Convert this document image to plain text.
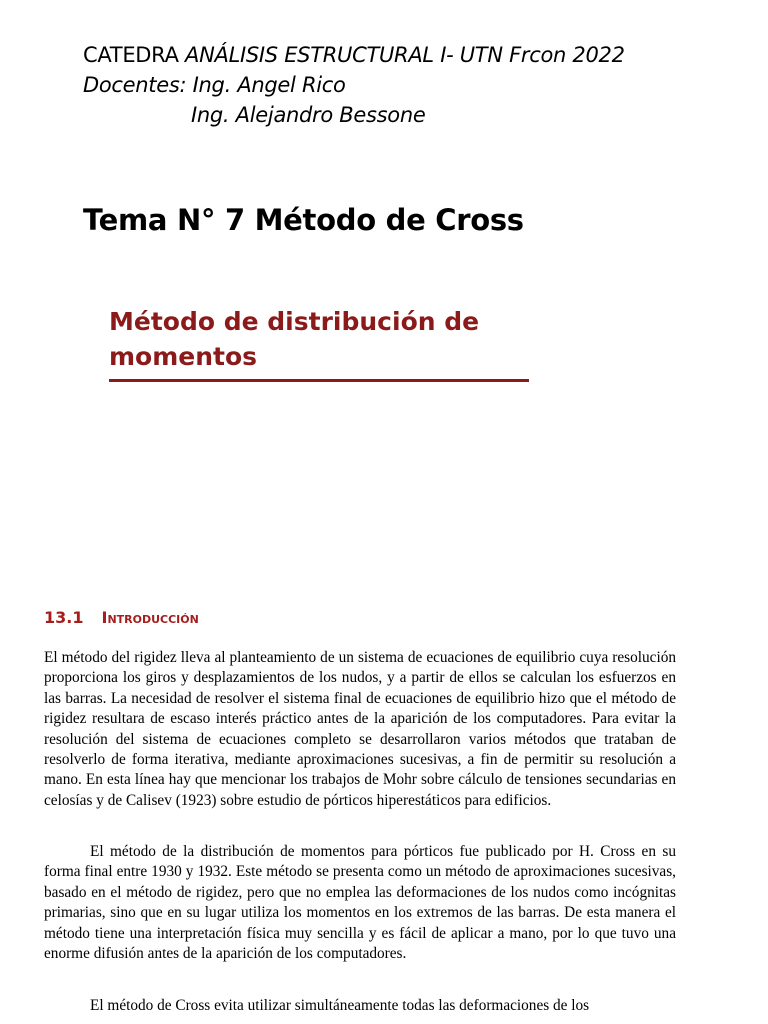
CATEDRA ANÁLISIS ESTRUCTURAL I- UTN Frcon 2022
Docentes: Ing. Angel Rico
Ing. Alejandro Bessone
Tema N° 7 Método de Cross
Método de distribución de
momentos
13.1 Introducción

El método del rigidez lleva al planteamiento de un sistema de ecuaciones de equilibrio cuya resolución proporciona los giros y desplazamientos de los nudos, y a partir de ellos se calculan los esfuerzos en las barras. La necesidad de resolver el sistema final de ecuaciones de equilibrio hizo que el método de rigidez resultara de escaso interés práctico antes de la aparición de los computadores. Para evitar la resolución del sistema de ecuaciones completo se desarrollaron varios métodos que trataban de resolverlo de forma iterativa, mediante aproximaciones sucesivas, a fin de permitir su resolución a mano. En esta línea hay que mencionar los trabajos de Mohr sobre cálculo de tensiones secundarias en celosías y de Calisev (1923) sobre estudio de pórticos hiperestáticos para edificios.

El método de la distribución de momentos para pórticos fue publicado por H. Cross en su forma final entre 1930 y 1932. Este método se presenta como un método de aproximaciones sucesivas, basado en el método de rigidez, pero que no emplea las deformaciones de los nudos como incógnitas primarias, sino que en su lugar utiliza los momentos en los extremos de las barras. De esta manera el método tiene una interpretación física muy sencilla y es fácil de aplicar a mano, por lo que tuvo una enorme difusión antes de la aparición de los computadores.

El método de Cross evita utilizar simultáneamente todas las deformaciones de los
